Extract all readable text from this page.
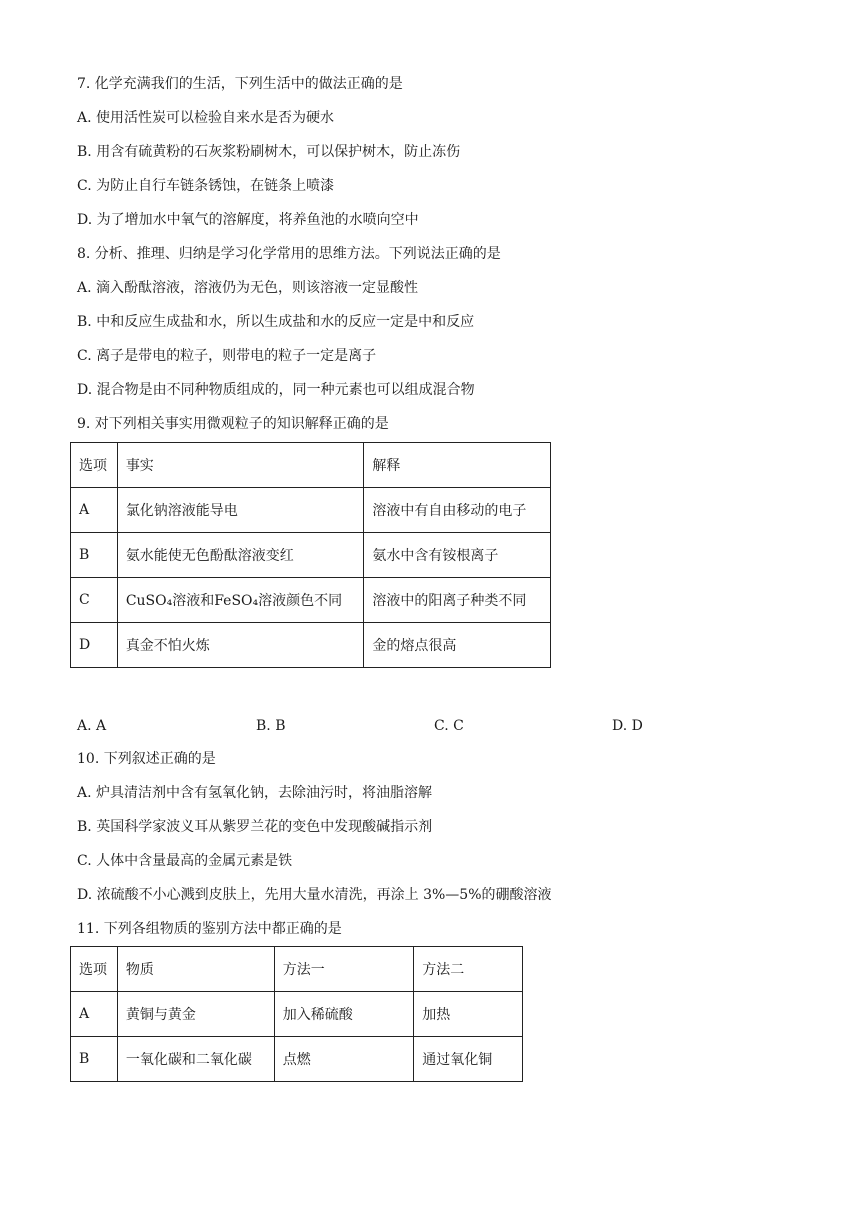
7. 化学充满我们的生活，下列生活中的做法正确的是
A. 使用活性炭可以检验自来水是否为硬水
B. 用含有硫黄粉的石灰浆粉刷树木，可以保护树木，防止冻伤
C. 为防止自行车链条锈蚀，在链条上喷漆
D. 为了增加水中氧气的溶解度，将养鱼池的水喷向空中
8. 分析、推理、归纳是学习化学常用的思维方法。下列说法正确的是
A. 滴入酚酞溶液，溶液仍为无色，则该溶液一定显酸性
B. 中和反应生成盐和水，所以生成盐和水的反应一定是中和反应
C. 离子是带电的粒子，则带电的粒子一定是离子
D. 混合物是由不同种物质组成的，同一种元素也可以组成混合物
9. 对下列相关事实用微观粒子的知识解释正确的是
选项	事实	解释
A	氯化钠溶液能导电	溶液中有自由移动的电子
B	氨水能使无色酚酞溶液变红	氨水中含有铵根离子
C	CuSO₄溶液和FeSO₄溶液颜色不同	溶液中的阳离子种类不同
D	真金不怕火炼	金的熔点很高
A. A	B. B	C. C	D. D
10. 下列叙述正确的是
A. 炉具清洁剂中含有氢氧化钠，去除油污时，将油脂溶解
B. 英国科学家波义耳从紫罗兰花的变色中发现酸碱指示剂
C. 人体中含量最高的金属元素是铁
D. 浓硫酸不小心溅到皮肤上，先用大量水清洗，再涂上 3%—5%的硼酸溶液
11. 下列各组物质的鉴别方法中都正确的是
选项	物质	方法一	方法二
A	黄铜与黄金	加入稀硫酸	加热
B	一氧化碳和二氧化碳	点燃	通过氧化铜
